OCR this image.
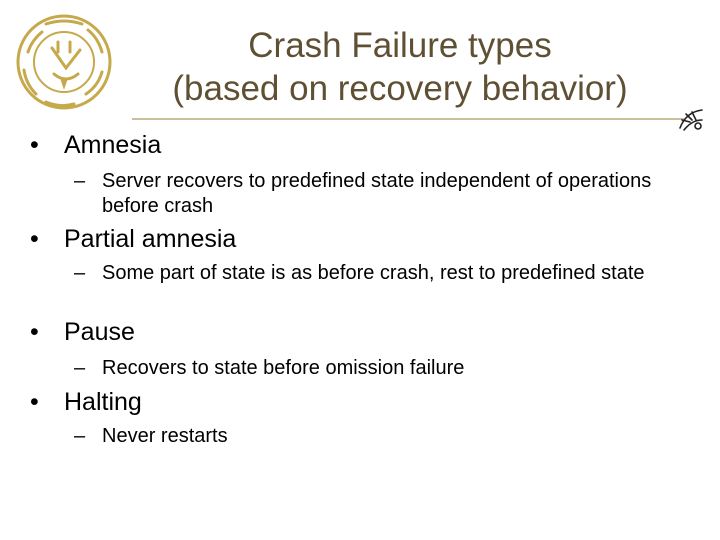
Crash Failure types
(based on recovery behavior)
• Amnesia
– Server recovers to predefined state independent of operations before crash
• Partial amnesia
– Some part of state is as before crash, rest to predefined state
• Pause
– Recovers to state before omission failure
• Halting
– Never restarts
